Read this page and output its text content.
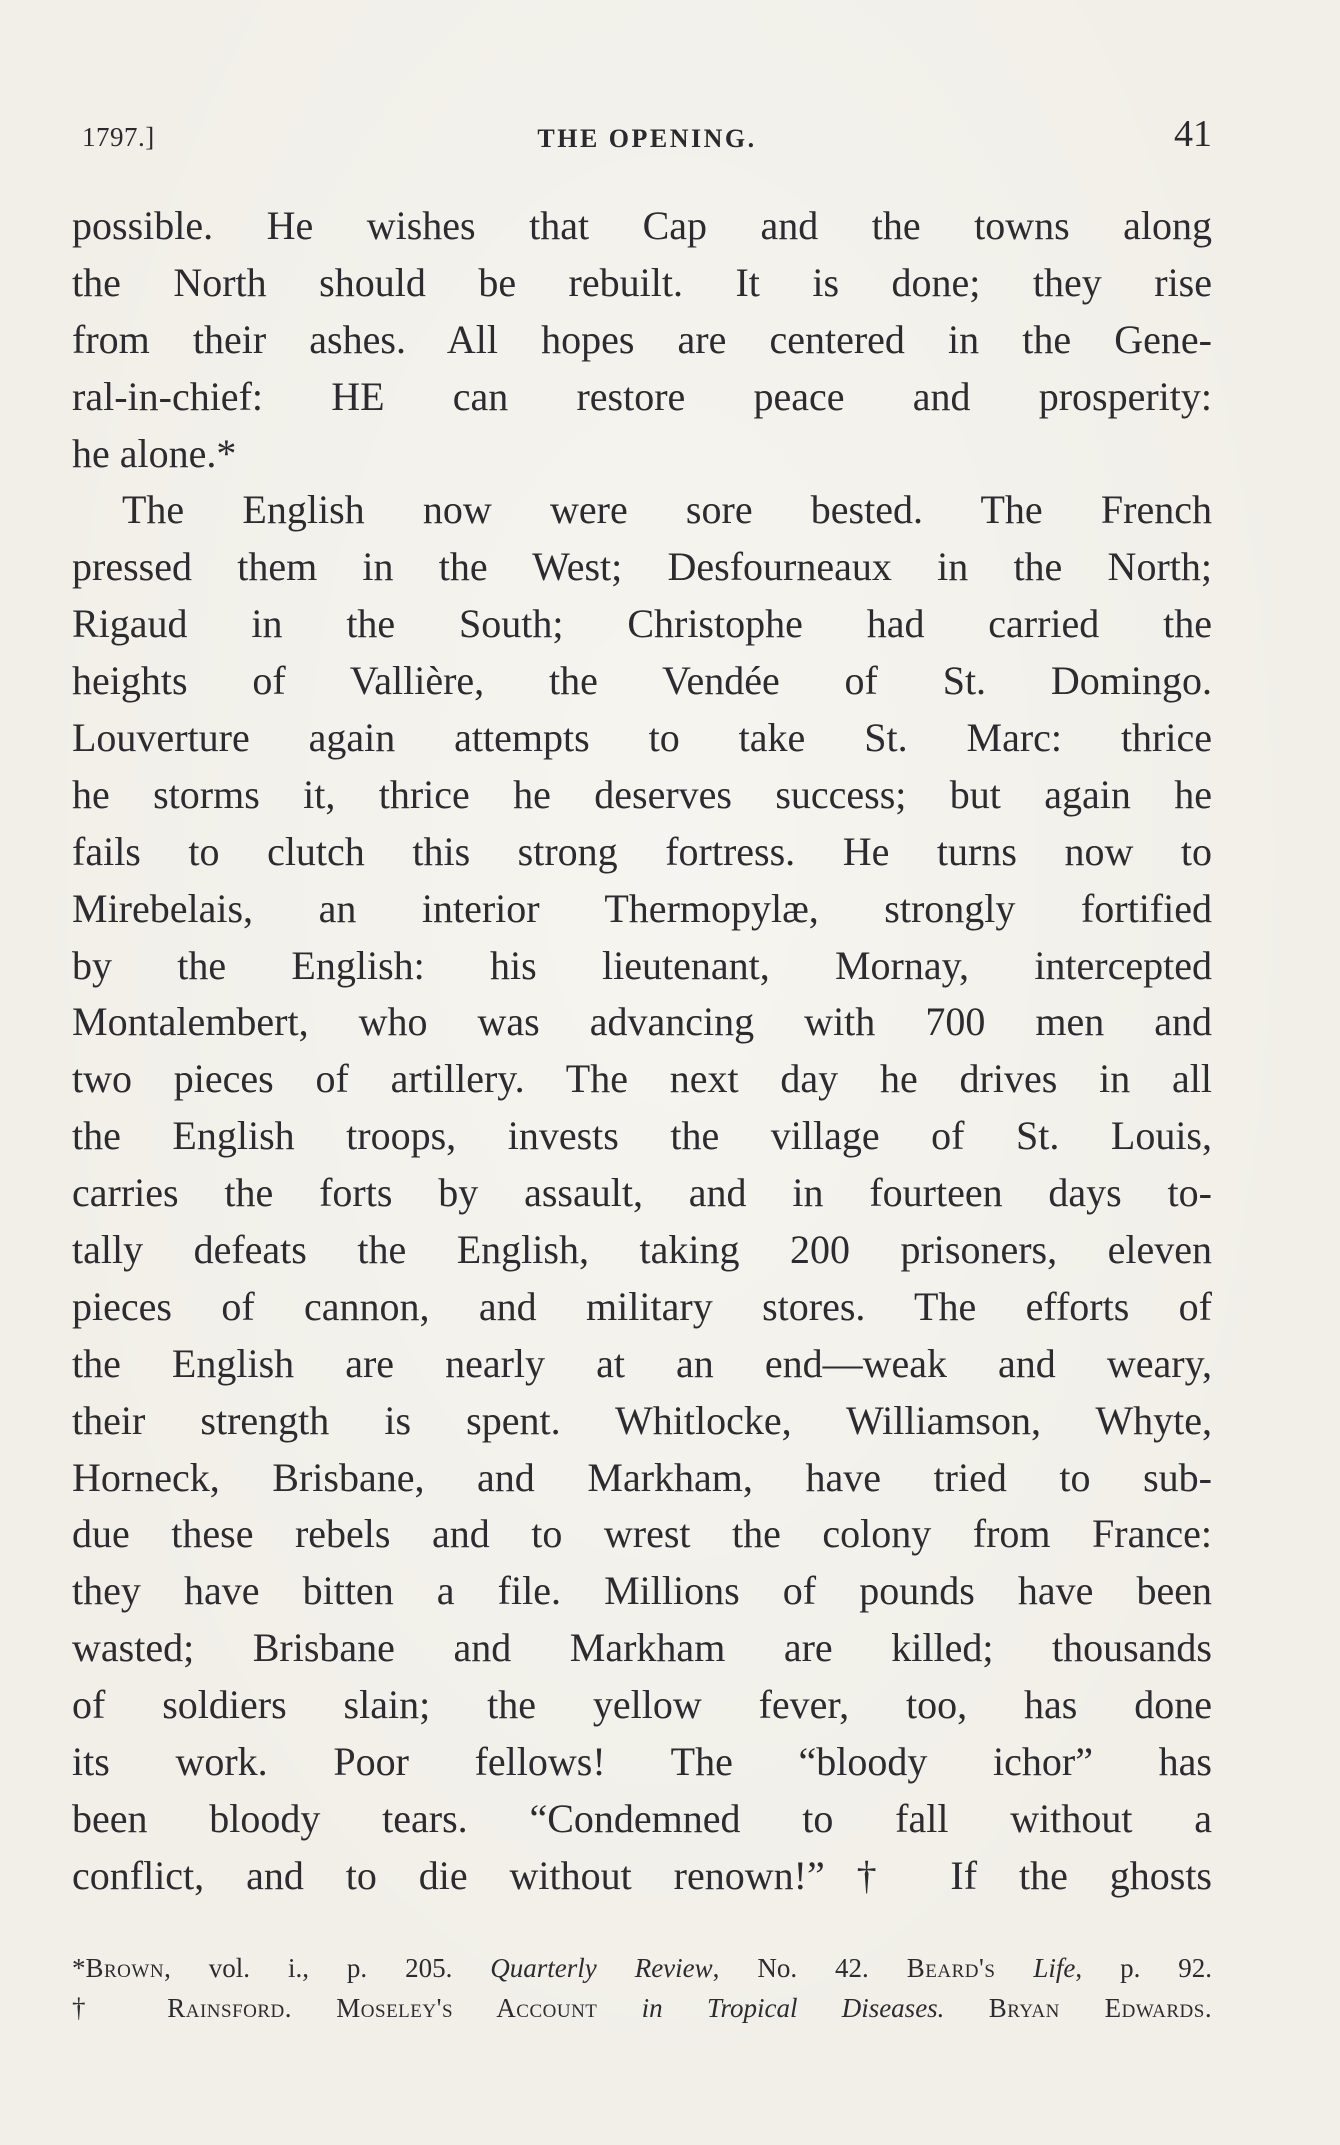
1797.]	THE OPENING.	41
possible. He wishes that Cap and the towns along
the North should be rebuilt. It is done; they rise
from their ashes. All hopes are centered in the Gene-
ral-in-chief: HE can restore peace and prosperity:
he alone.*
The English now were sore bested. The French
pressed them in the West; Desfourneaux in the North;
Rigaud in the South; Christophe had carried the
heights of Vallière, the Vendée of St. Domingo.
Louverture again attempts to take St. Marc: thrice
he storms it, thrice he deserves success; but again he
fails to clutch this strong fortress. He turns now to
Mirebelais, an interior Thermopylæ, strongly fortified
by the English: his lieutenant, Mornay, intercepted
Montalembert, who was advancing with 700 men and
two pieces of artillery. The next day he drives in all
the English troops, invests the village of St. Louis,
carries the forts by assault, and in fourteen days to-
tally defeats the English, taking 200 prisoners, eleven
pieces of cannon, and military stores. The efforts of
the English are nearly at an end—weak and weary,
their strength is spent. Whitlocke, Williamson, Whyte,
Horneck, Brisbane, and Markham, have tried to sub-
due these rebels and to wrest the colony from France:
they have bitten a file. Millions of pounds have been
wasted; Brisbane and Markham are killed; thousands
of soldiers slain; the yellow fever, too, has done
its work. Poor fellows! The “bloody ichor” has
been bloody tears. “Condemned to fall without a
conflict, and to die without renown!”† If the ghosts
*Brown, vol. i., p. 205. Quarterly Review, No. 42. Beard's Life, p. 92.
† Rainsford. Moseley's Account in Tropical Diseases. Bryan Edwards.
